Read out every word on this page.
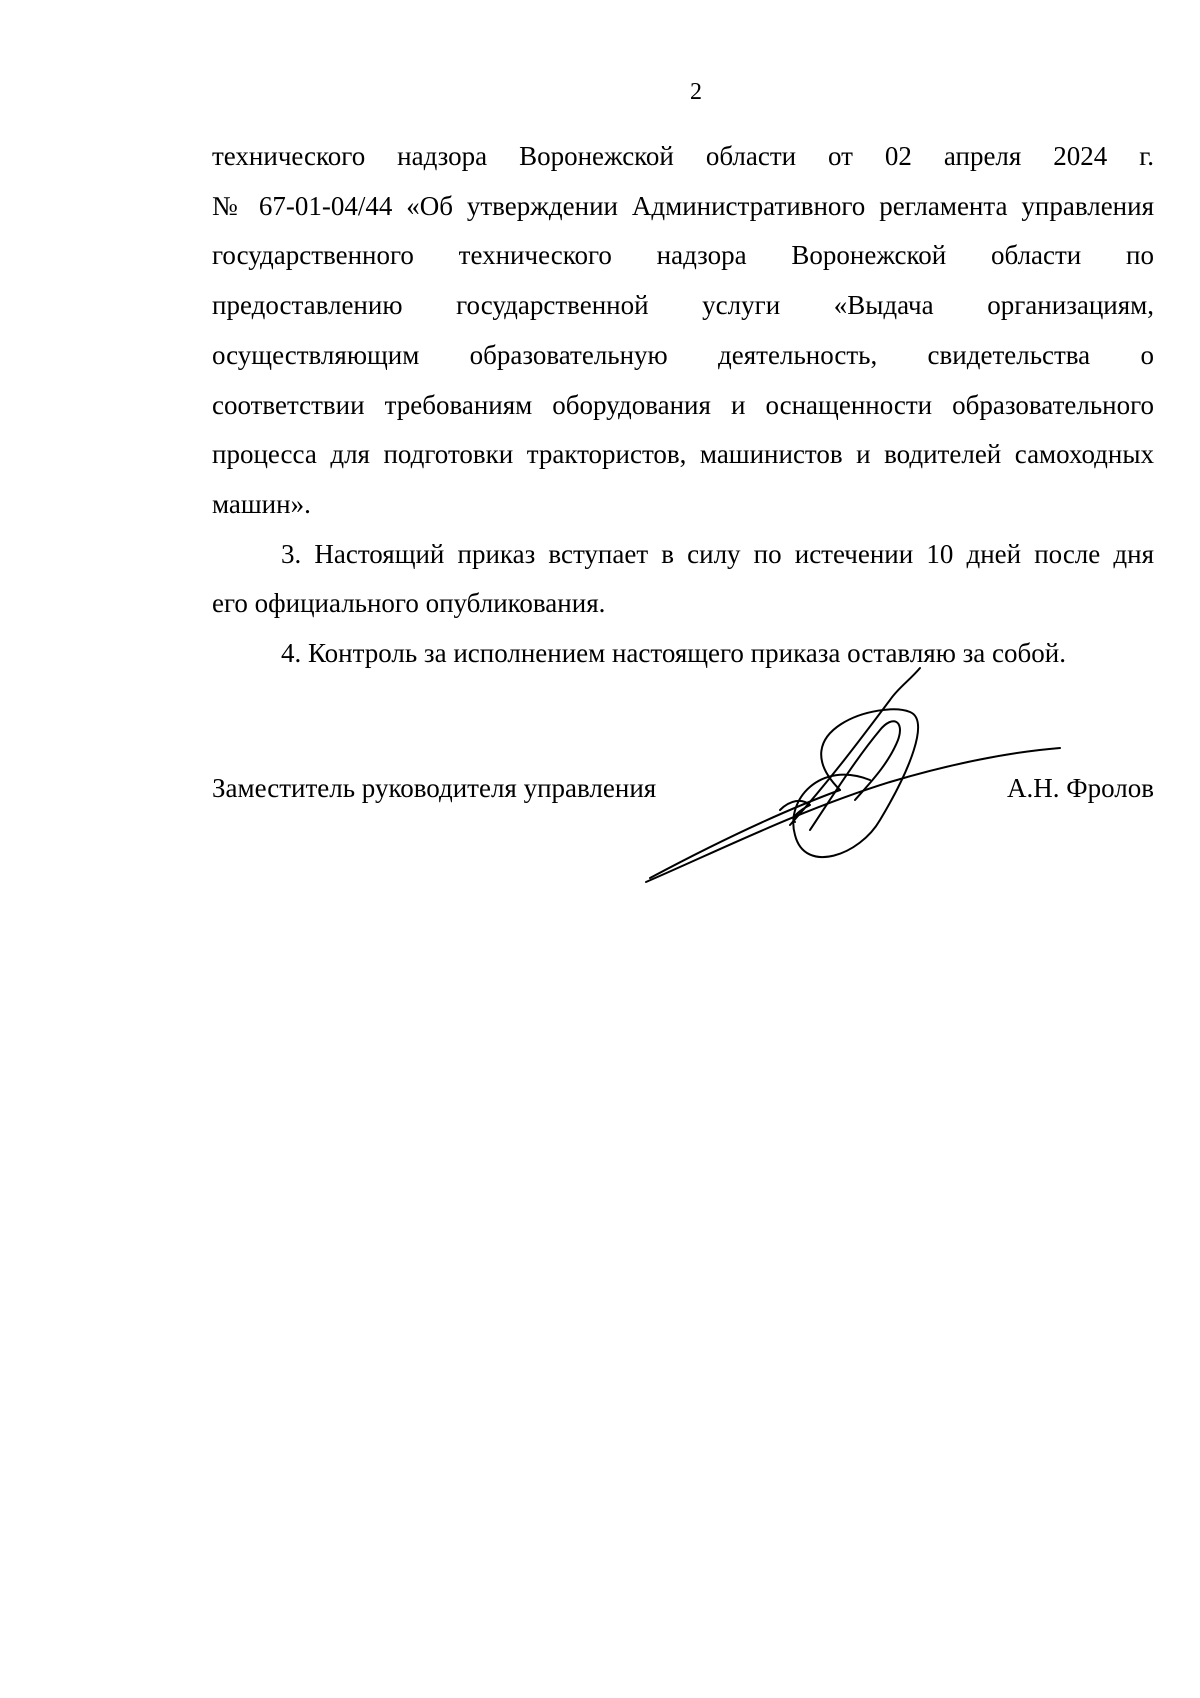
2
технического надзора Воронежской области от 02 апреля 2024 г.
№ 67-01-04/44 «Об утверждении Административного регламента управления
государственного технического надзора Воронежской области по
предоставлению государственной услуги «Выдача организациям,
осуществляющим образовательную деятельность, свидетельства о
соответствии требованиям оборудования и оснащенности образовательного
процесса для подготовки трактористов, машинистов и водителей самоходных
машин».
3. Настоящий приказ вступает в силу по истечении 10 дней после дня
его официального опубликования.
4. Контроль за исполнением настоящего приказа оставляю за собой.
Заместитель руководителя управления	А.Н. Фролов
